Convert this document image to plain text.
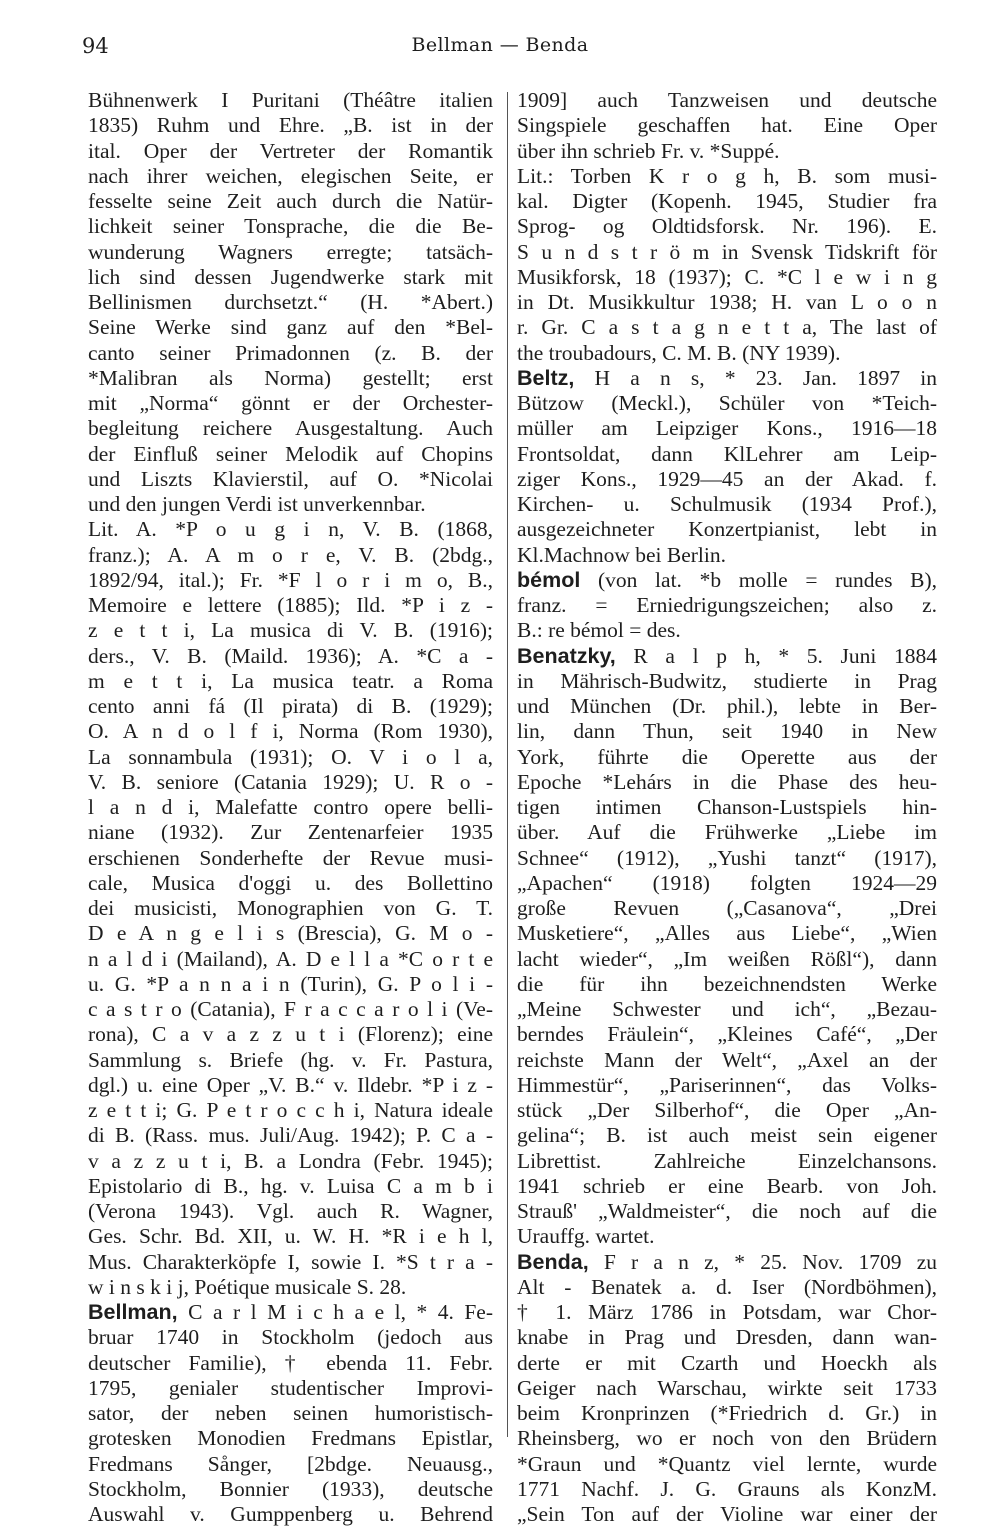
94	Bellman — Benda
Bühnenwerk I Puritani (Théâtre italien
1835) Ruhm und Ehre. „B. ist in der
ital. Oper der Vertreter der Romantik
nach ihrer weichen, elegischen Seite, er
fesselte seine Zeit auch durch die Natür-
lichkeit seiner Tonsprache, die die Be-
wunderung Wagners erregte; tatsäch-
lich sind dessen Jugendwerke stark mit
Bellinismen durchsetzt.“ (H. *Abert.)
Seine Werke sind ganz auf den *Bel-
canto seiner Primadonnen (z. B. der
*Malibran als Norma) gestellt; erst
mit „Norma“ gönnt er der Orchester-
begleitung reichere Ausgestaltung. Auch
der Einfluß seiner Melodik auf Chopins
und Liszts Klavierstil, auf O. *Nicolai
und den jungen Verdi ist unverkennbar.
Lit. A. *P o u g i n, V. B. (1868,
franz.); A. A m o r e, V. B. (2bdg.,
1892/94, ital.); Fr. *F l o r i m o, B.,
Memoire e lettere (1885); Ild. *P i z -
z e t t i, La musica di V. B. (1916);
ders., V. B. (Maild. 1936); A. *C a -
m e t t i, La musica teatr. a Roma
cento anni fá (Il pirata) di B. (1929);
O. A n d o l f i, Norma (Rom 1930),
La sonnambula (1931); O. V i o l a,
V. B. seniore (Catania 1929); U. R o -
l a n d i, Malefatte contro opere belli-
niane (1932). Zur Zentenarfeier 1935
erschienen Sonderhefte der Revue musi-
cale, Musica d'oggi u. des Bollettino
dei musicisti, Monographien von G. T.
D e A n g e l i s (Brescia), G. M o -
n a l d i (Mailand), A. D e l l a *C o r t e
u. G. *P a n n a i n (Turin), G. P o l i -
c a s t r o (Catania), F r a c c a r o l i (Ve-
rona), C a v a z z u t i (Florenz); eine
Sammlung s. Briefe (hg. v. Fr. Pastura,
dgl.) u. eine Oper „V. B.“ v. Ildebr. *P i z -
z e t t i; G. P e t r o c c h i, Natura ideale
di B. (Rass. mus. Juli/Aug. 1942); P. C a -
v a z z u t i, B. a Londra (Febr. 1945);
Epistolario di B., hg. v. Luisa C a m b i
(Verona 1943). Vgl. auch R. Wagner,
Ges. Schr. Bd. XII, u. W. H. *R i e h l,
Mus. Charakterköpfe I, sowie I. *S t r a -
w i n s k i j, Poétique musicale S. 28.
Bellman, C a r l M i c h a e l, * 4. Fe-
bruar 1740 in Stockholm (jedoch aus
deutscher Familie), † ebenda 11. Febr.
1795, genialer studentischer Improvi-
sator, der neben seinen humoristisch-
grotesken Monodien Fredmans Epistlar,
Fredmans Sånger, [2bdge. Neuausg.,
Stockholm, Bonnier (1933), deutsche
Auswahl v. Gumppenberg u. Behrend
1909] auch Tanzweisen und deutsche
Singspiele geschaffen hat. Eine Oper
über ihn schrieb Fr. v. *Suppé.
Lit.: Torben K r o g h, B. som musi-
kal. Digter (Kopenh. 1945, Studier fra
Sprog- og Oldtidsforsk. Nr. 196). E.
S u n d s t r ö m in Svensk Tidskrift för
Musikforsk, 18 (1937); C. *C l e w i n g
in Dt. Musikkultur 1938; H. van L o o n
r. Gr. C a s t a g n e t t a, The last of
the troubadours, C. M. B. (NY 1939).
Beltz, H a n s, * 23. Jan. 1897 in
Bützow (Meckl.), Schüler von *Teich-
müller am Leipziger Kons., 1916—18
Frontsoldat, dann KlLehrer am Leip-
ziger Kons., 1929—45 an der Akad. f.
Kirchen- u. Schulmusik (1934 Prof.),
ausgezeichneter Konzertpianist, lebt in
Kl.Machnow bei Berlin.
bémol (von lat. *b molle = rundes B),
franz. = Erniedrigungszeichen; also z.
B.: re bémol = des.
Benatzky, R a l p h, * 5. Juni 1884
in Mährisch-Budwitz, studierte in Prag
und München (Dr. phil.), lebte in Ber-
lin, dann Thun, seit 1940 in New
York, führte die Operette aus der
Epoche *Lehárs in die Phase des heu-
tigen intimen Chanson-Lustspiels hin-
über. Auf die Frühwerke „Liebe im
Schnee“ (1912), „Yushi tanzt“ (1917),
„Apachen“ (1918) folgten 1924—29
große Revuen („Casanova“, „Drei
Musketiere“, „Alles aus Liebe“, „Wien
lacht wieder“, „Im weißen Rößl“), dann
die für ihn bezeichnendsten Werke
„Meine Schwester und ich“, „Bezau-
berndes Fräulein“, „Kleines Café“, „Der
reichste Mann der Welt“, „Axel an der
Himmestür“, „Pariserinnen“, das Volks-
stück „Der Silberhof“, die Oper „An-
gelina“; B. ist auch meist sein eigener
Librettist. Zahlreiche Einzelchansons.
1941 schrieb er eine Bearb. von Joh.
Strauß' „Waldmeister“, die noch auf die
Urauffg. wartet.
Benda, F r a n z, * 25. Nov. 1709 zu
Alt - Benatek a. d. Iser (Nordböhmen),
† 1. März 1786 in Potsdam, war Chor-
knabe in Prag und Dresden, dann wan-
derte er mit Czarth und Hoeckh als
Geiger nach Warschau, wirkte seit 1733
beim Kronprinzen (*Friedrich d. Gr.) in
Rheinsberg, wo er noch von den Brüdern
*Graun und *Quantz viel lernte, wurde
1771 Nachf. J. G. Grauns als KonzM.
„Sein Ton auf der Violine war einer der
